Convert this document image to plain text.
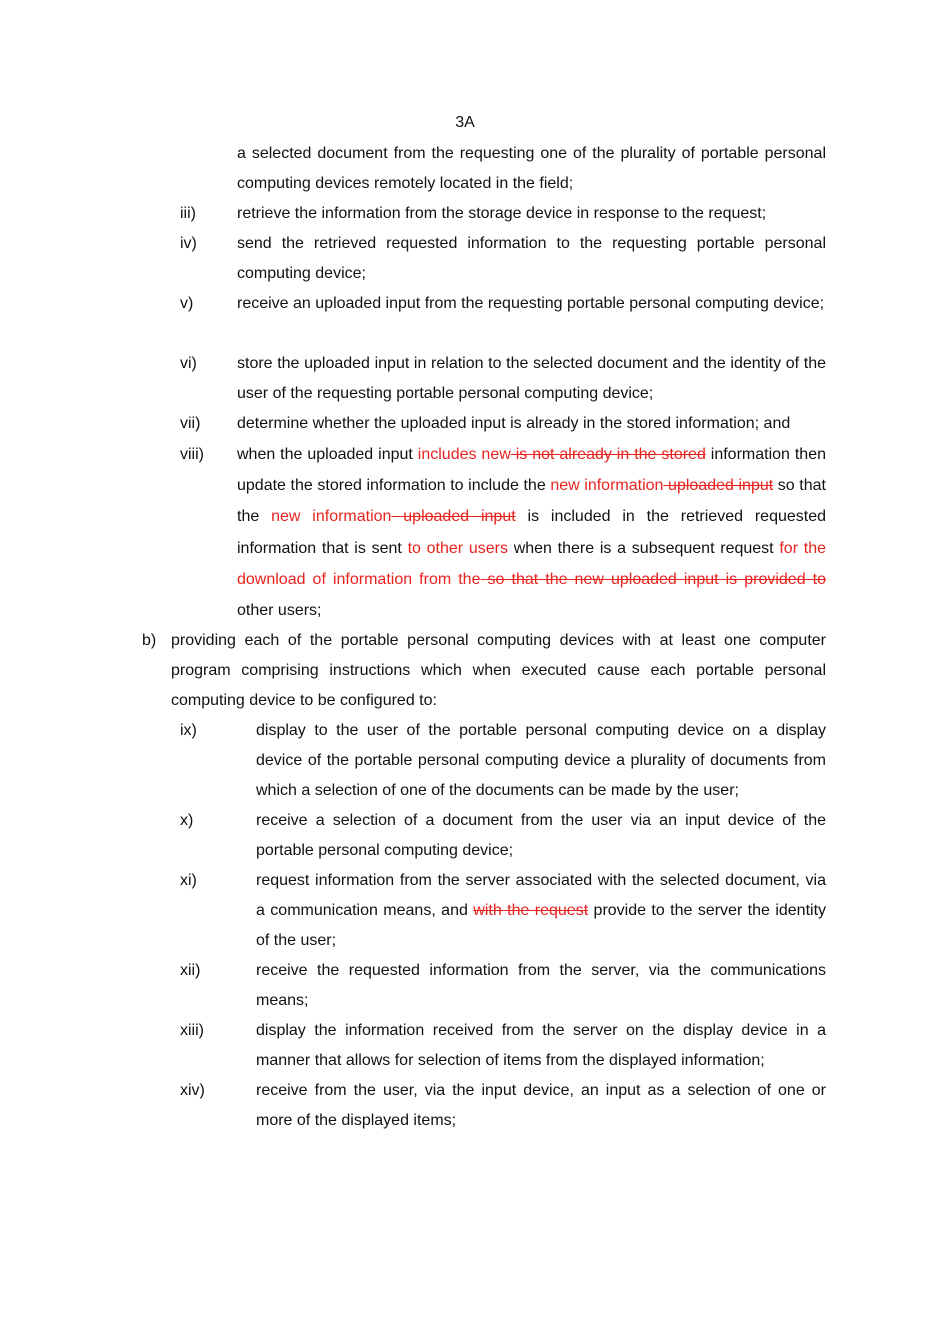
3A
a selected document from the requesting one of the plurality of portable personal computing devices remotely located in the field;
iii)	retrieve the information from the storage device in response to the request;
iv)	send the retrieved requested information to the requesting portable personal computing device;
v)	receive an uploaded input from the requesting portable personal computing device;
vi)	store the uploaded input in relation to the selected document and the identity of the user of the requesting portable personal computing device;
vii) determine whether the uploaded input is already in the stored information; and
viii) when the uploaded input includes new is not already in the stored information then update the stored information to include the new information uploaded input so that the new information uploaded input is included in the retrieved requested information that is sent to other users when there is a subsequent request for the download of information from the so that the new uploaded input is provided to other users;
b) providing each of the portable personal computing devices with at least one computer program comprising instructions which when executed cause each portable personal computing device to be configured to:
ix)	display to the user of the portable personal computing device on a display device of the portable personal computing device a plurality of documents from which a selection of one of the documents can be made by the user;
x)	receive a selection of a document from the user via an input device of the portable personal computing device;
xi)	request information from the server associated with the selected document, via a communication means, and with the request provide to the server the identity of the user;
xii)	receive the requested information from the server, via the communications means;
xiii)	display the information received from the server on the display device in a manner that allows for selection of items from the displayed information;
xiv)	receive from the user, via the input device, an input as a selection of one or more of the displayed items;
